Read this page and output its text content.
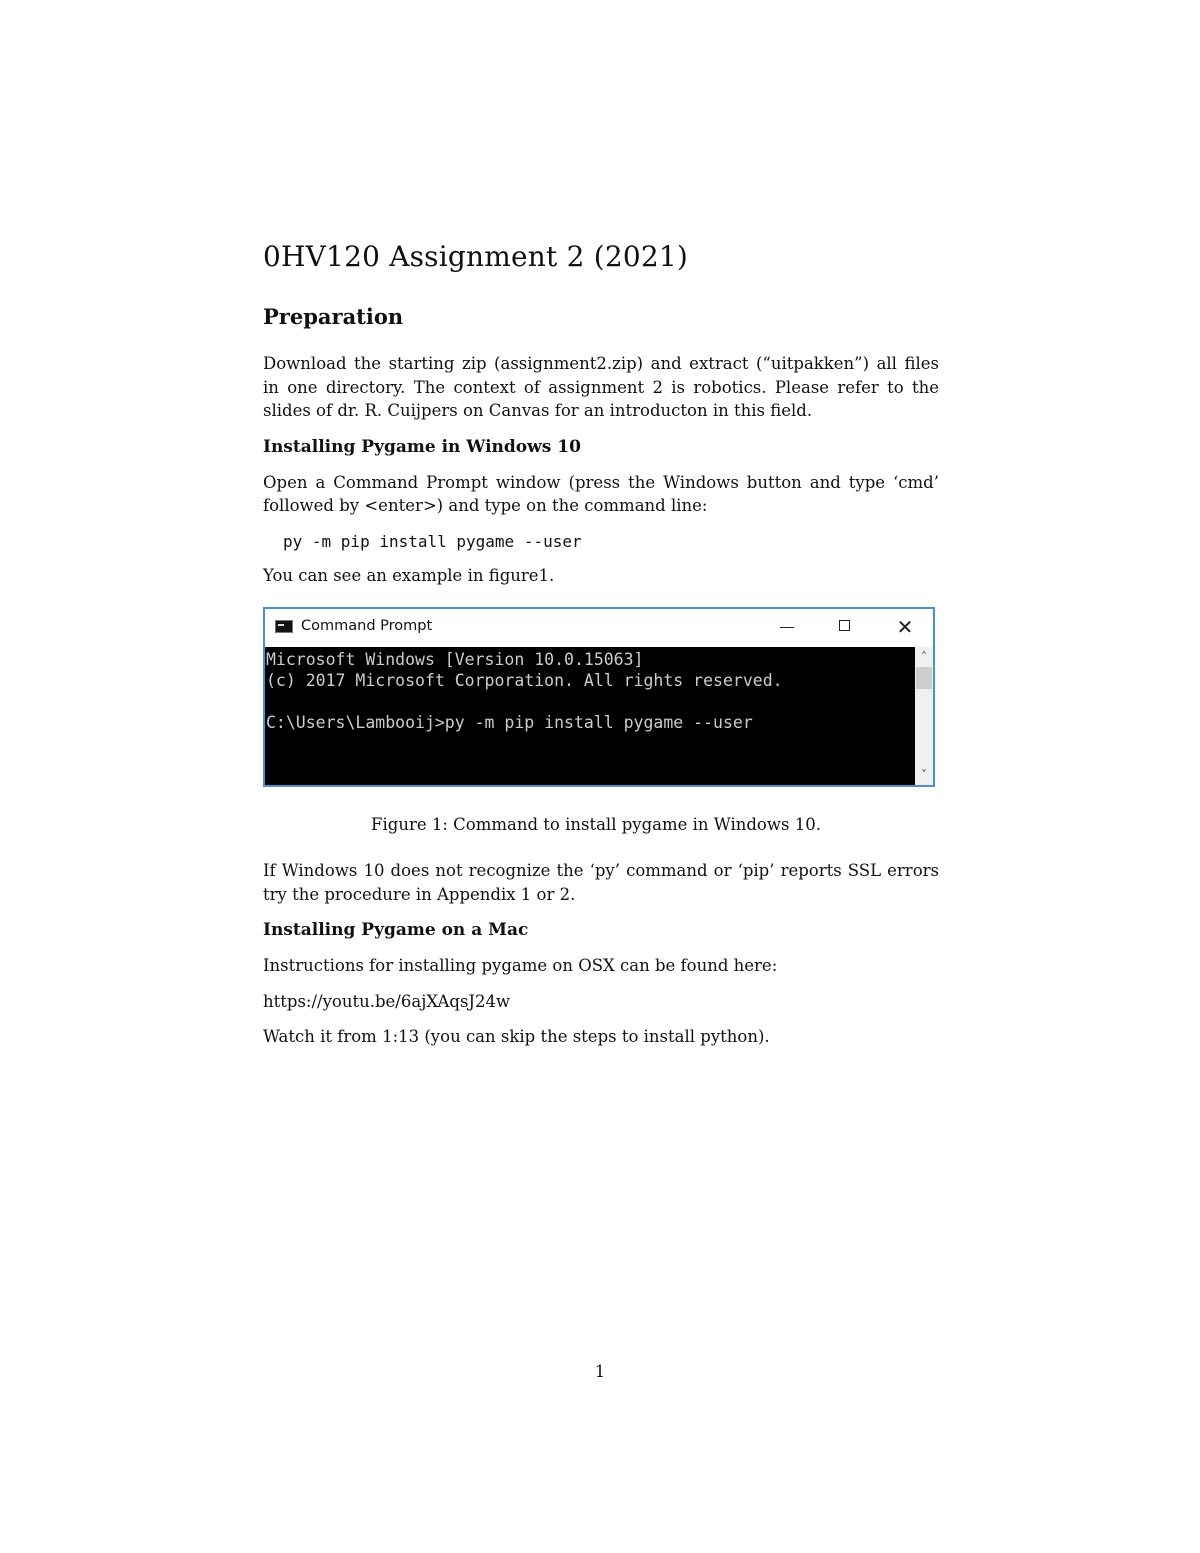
0HV120 Assignment 2 (2021)
Preparation

Download the starting zip (assignment2.zip) and extract (“uitpakken”) all files in one directory. The context of assignment 2 is robotics. Please refer to the slides of dr. R. Cuijpers on Canvas for an introducton in this field.

Installing Pygame in Windows 10

Open a Command Prompt window (press the Windows button and type ‘cmd’ followed by <enter>) and type on the command line:

py -m pip install pygame --user

You can see an example in figure1.

Command Prompt	✕
Microsoft Windows [Version 10.0.15063]
(c) 2017 Microsoft Corporation. All rights reserved.
C:\Users\Lambooij>py -m pip install pygame --user
˄
˅
Figure 1: Command to install pygame in Windows 10.

If Windows 10 does not recognize the ‘py’ command or ‘pip’ reports SSL errors try the procedure in Appendix 1 or 2.

Installing Pygame on a Mac

Instructions for installing pygame on OSX can be found here:

https://youtu.be/6ajXAqsJ24w

Watch it from 1:13 (you can skip the steps to install python).

1
